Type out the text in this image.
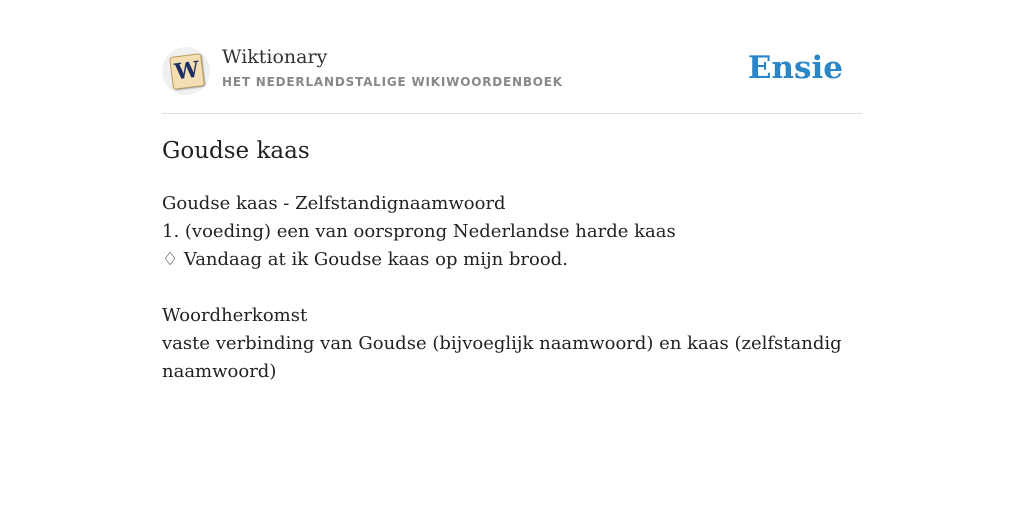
W Wiktionary
HET NEDERLANDSTALIGE WIKIWOORDENBOEK	Ensie
Goudse kaas

Goudse kaas - Zelfstandignaamwoord

1. (voeding) een van oorsprong Nederlandse harde kaas

♢ Vandaag at ik Goudse kaas op mijn brood.

Woordherkomst

vaste verbinding van Goudse (bijvoeglijk naamwoord) en kaas (zelfstandig naamwoord)
